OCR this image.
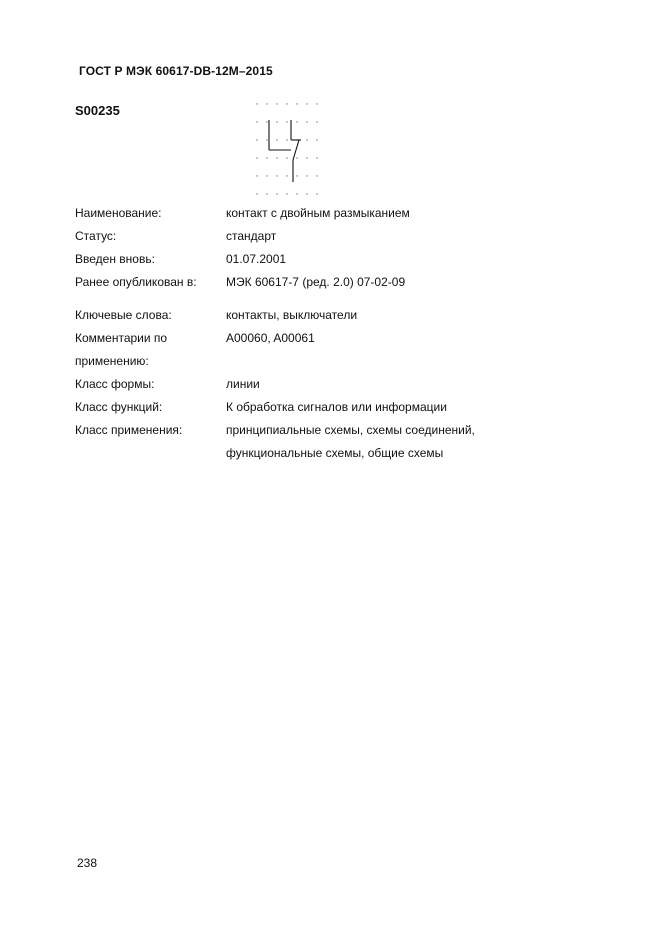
ГОСТ Р МЭК 60617-DB-12M–2015
S00235
Наименование:	контакт с двойным размыканием
Статус:	стандарт
Введен вновь:	01.07.2001
Ранее опубликован в:	МЭК 60617-7 (ред. 2.0) 07-02-09
Ключевые слова:	контакты, выключатели
Комментарии по применению:
A00060, A00061
Класс формы:	линии
Класс функций:	К обработка сигналов или информации
Класс применения:	принципиальные схемы, схемы соединений, функциональные схемы, общие схемы
238
